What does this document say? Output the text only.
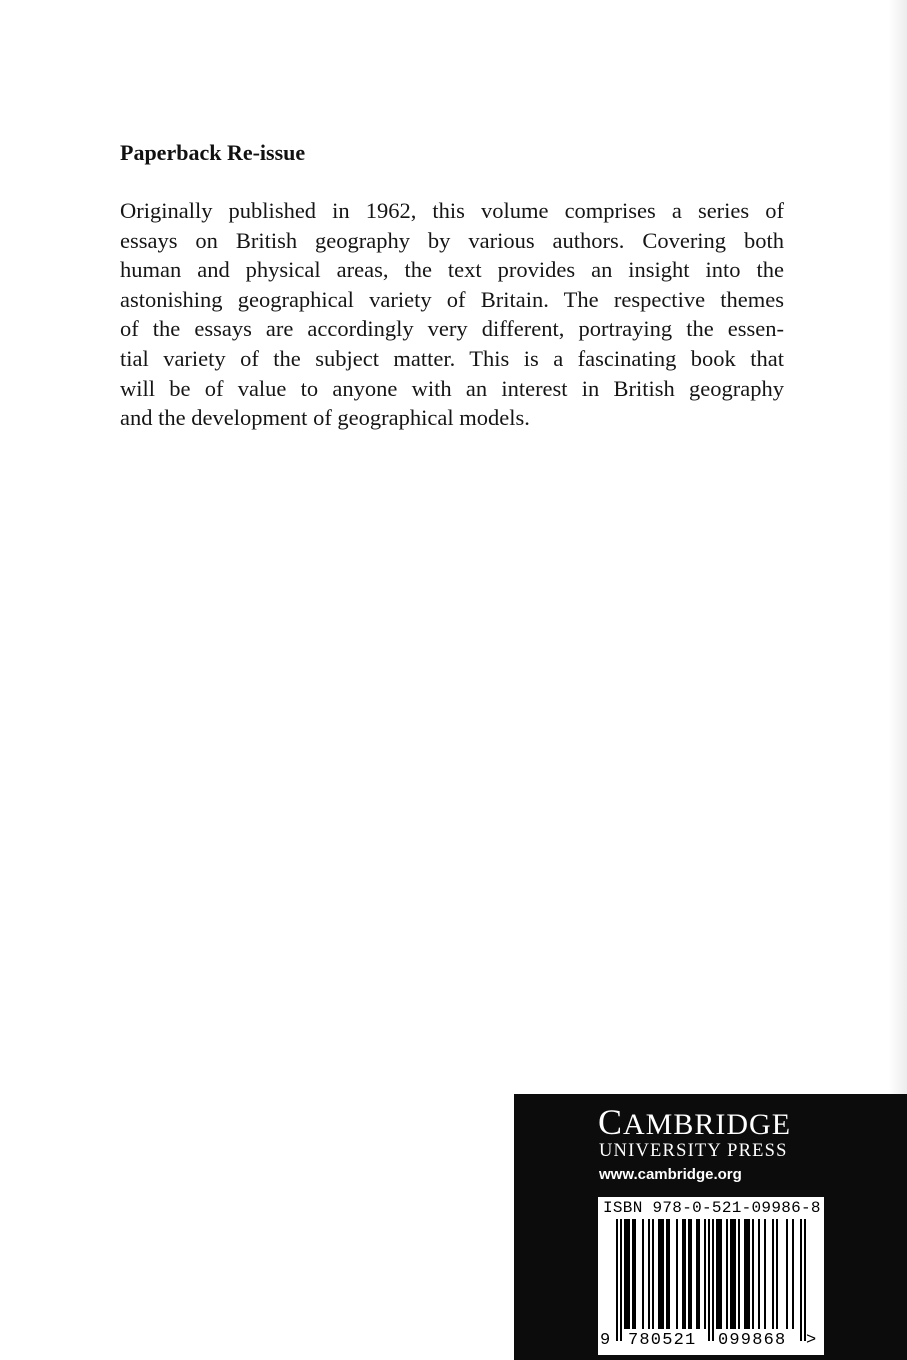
Paperback Re-issue

Originally published in 1962, this volume comprises a series of
essays on British geography by various authors. Covering both
human and physical areas, the text provides an insight into the
astonishing geographical variety of Britain. The respective themes
of the essays are accordingly very different, portraying the essen-
tial variety of the subject matter. This is a fascinating book that
will be of value to anyone with an interest in British geography
and the development of geographical models.

CAMBRIDGE
UNIVERSITY PRESS
www.cambridge.org
ISBN 978-0-521-09986-8
9 780521 099868 >
